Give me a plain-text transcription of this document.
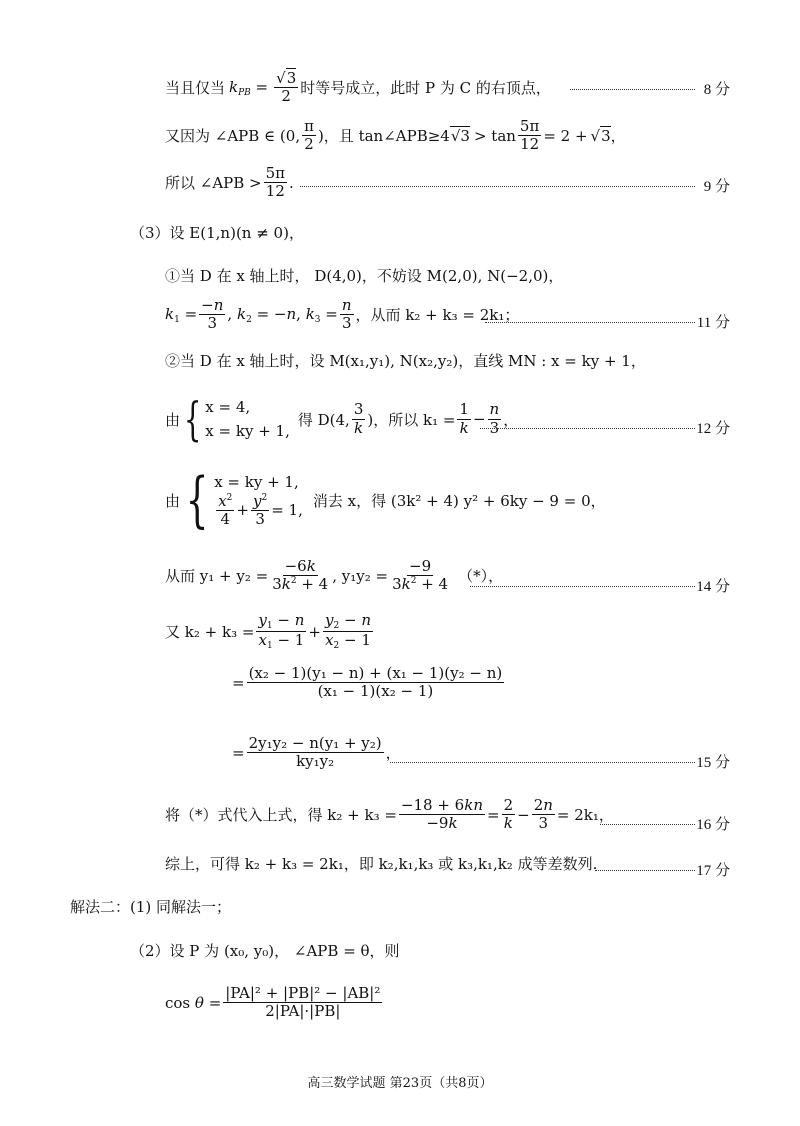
当且仅当 $k_{PB} = \frac{√3}{2}$ 时等号成立，此时 P 为 C 的右顶点，	8 分
又因为 ∠APB ∈ (0, $\frac{\pi}{2}$ )，且 tan∠APB≥4 $√3 > \tan \frac{5\pi}{12} = 2 + √3$ ，
所以 ∠APB > $\frac{5\pi}{12}$ .	9 分
（3）设 E(1,n)(n ≠ 0)，
①当 D 在 x 轴上时， D(4,0)，不妨设 M(2,0), N(−2,0)，
$k_1 = \frac{-n}{3}$ , $k_2 = -n$, $k_3 = \frac{n}{3}$ ，从而 k₂ + k₃ = 2k₁；	11 分
②当 D 在 x 轴上时，设 M(x₁,y₁), N(x₂,y₂)，直线 MN : x = ky + 1，
由 { x = 4,
x = ky + 1,
得 D(4, $\frac{3}{k}$ )，所以 $k_1 = \frac{1}{k} - \frac{n}{3}$ ，
12 分
由 { x = ky + 1,
$\frac{x^2}{4} + \frac{y^2}{3} = 1$,
消去 x，得 (3k² + 4) y² + 6ky − 9 = 0，
从而 $y_1 + y_2 = \frac{-6k}{3k^2 + 4}$ , $y_1y_2 = \frac{-9}{3k^2 + 4}$ （*），
14 分
又 $k_2 + k_3 = \frac{y_1 - n}{x_1 - 1} + \frac{y_2 - n}{x_2 - 1}$
= $\frac{\text{(x₂ − 1)(y₁ − n) + (x₁ − 1)(y₂ − n)}}{\text{(x₁ − 1)(x₂ − 1)}}$
= $\frac{\text{2y₁y₂ − n(y₁ + y₂)}}{\text{ky₁y₂}}$ ，
15 分
将（*）式代入上式，得 $k_2 + k_3 = \frac{-18 + 6kn}{-9k} = \frac{2}{k} - \frac{2n}{3} = 2k_1$，
16 分
综上，可得 k₂ + k₃ = 2k₁，即 k₂,k₁,k₃ 或 k₃,k₁,k₂ 成等差数列.	17 分
解法二：(1) 同解法一；
（2）设 P 为 (x₀, y₀)， ∠APB = θ，则
$\cos \theta = \frac{\text{|PA|² + |PB|² − |AB|²}}{2|PA|\cdot|PB|}$
高三数学试题 第23页（共8页）
